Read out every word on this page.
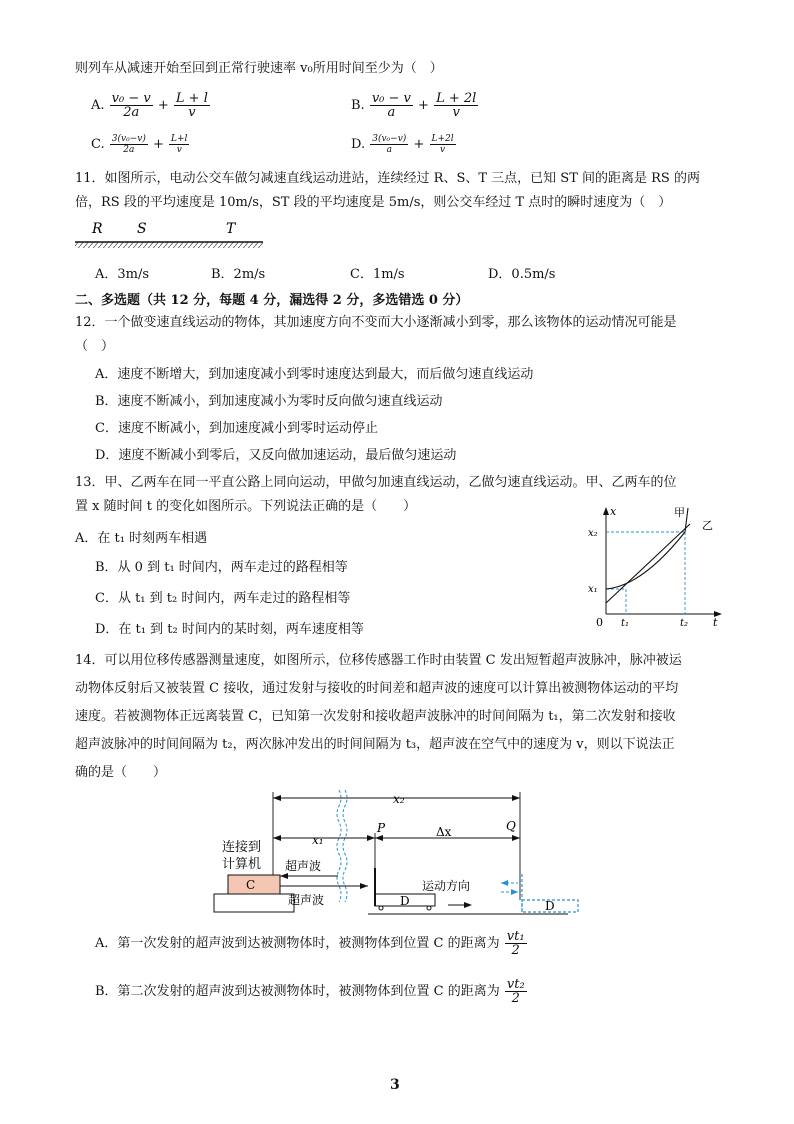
则列车从减速开始至回到正常行驶速率 v₀所用时间至少为（　）
A. $\frac{\text{v₀ − v}}{2a} + \frac{L + l}{v}$	B. $\frac{\text{v₀ − v}}{a} + \frac{L + 2l}{v}$
C. $\frac{\text{3(v₀−v)}}{2a} + \frac{L+l}{v}$	D. $\frac{\text{3(v₀−v)}}{a} + \frac{L+2l}{v}$
11．如图所示，电动公交车做匀减速直线运动进站，连续经过 R、S、T 三点，已知 ST 间的距离是 RS 的两
倍，RS 段的平均速度是 10m/s，ST 段的平均速度是 5m/s，则公交车经过 T 点时的瞬时速度为（　）
R S	T
A．3m/s	B．2m/s	C．1m/s	D．0.5m/s
二、多选题（共 12 分，每题 4 分，漏选得 2 分，多选错选 0 分）
12．一个做变速直线运动的物体，其加速度方向不变而大小逐渐减小到零，那么该物体的运动情况可能是
（　）
A．速度不断增大，到加速度减小到零时速度达到最大，而后做匀速直线运动
B．速度不断减小，到加速度减小为零时反向做匀速直线运动
C．速度不断减小，到加速度减小到零时运动停止
D．速度不断减小到零后，又反向做加速运动，最后做匀速运动
13．甲、乙两车在同一平直公路上同向运动，甲做匀加速直线运动，乙做匀速直线运动。甲、乙两车的位
置 x 随时间 t 的变化如图所示。下列说法正确的是（　　）
A．在 t₁ 时刻两车相遇
B．从 0 到 t₁ 时间内，两车走过的路程相等
C．从 t₁ 到 t₂ 时间内，两车走过的路程相等
D．在 t₁ 到 t₂ 时间内的某时刻，两车速度相等
x
t
0
x₁
x₂
t₁	t₂
甲
乙
14．可以用位移传感器测量速度，如图所示，位移传感器工作时由装置 C 发出短暂超声波脉冲，脉冲被运
动物体反射后又被装置 C 接收，通过发射与接收的时间差和超声波的速度可以计算出被测物体运动的平均
速度。若被测物体正远离装置 C，已知第一次发射和接收超声波脉冲的时间间隔为 t₁，第二次发射和接收
超声波脉冲的时间间隔为 t₂，两次脉冲发出的时间间隔为 t₃，超声波在空气中的速度为 v，则以下说法正
确的是（　　）
x₂
x₁
Δx
P	Q
C
连接到
计算机 超声波
超声波	D
运动方向
D
A．第一次发射的超声波到达被测物体时，被测物体到位置 C 的距离为 $\frac{\text{vt₁}}{2}$
B．第二次发射的超声波到达被测物体时，被测物体到位置 C 的距离为 $\frac{\text{vt₂}}{2}$
3
